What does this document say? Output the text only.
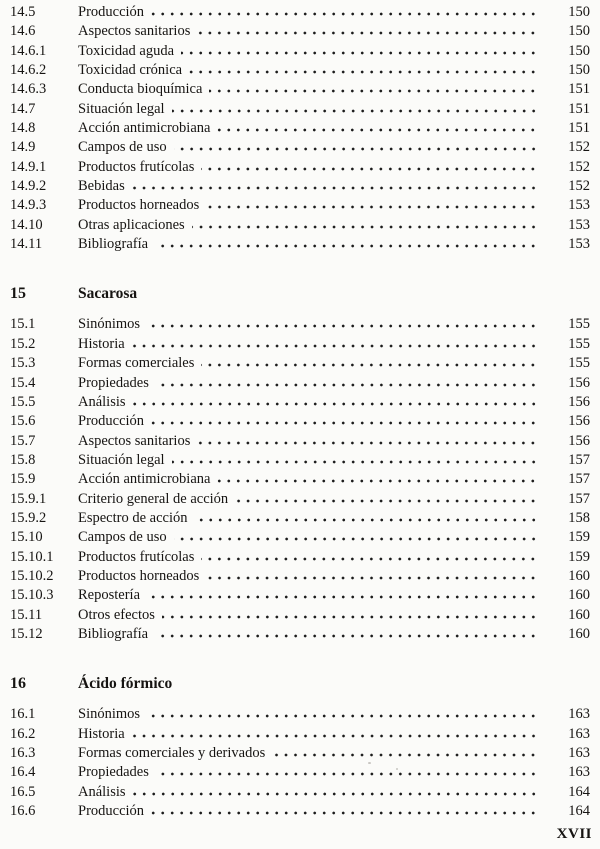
14.5	Producción	150
14.6	Aspectos sanitarios	150
14.6.1	Toxicidad aguda	150
14.6.2	Toxicidad crónica	150
14.6.3	Conducta bioquímica	151
14.7	Situación legal	151
14.8	Acción antimicrobiana	151
14.9	Campos de uso	152
14.9.1	Productos frutícolas	152
14.9.2	Bebidas	152
14.9.3	Productos horneados	153
14.10	Otras aplicaciones	153
14.11	Bibliografía	153
15	Sacarosa
15.1	Sinónimos	155
15.2	Historia	155
15.3	Formas comerciales	155
15.4	Propiedades	156
15.5	Análisis	156
15.6	Producción	156
15.7	Aspectos sanitarios	156
15.8	Situación legal	157
15.9	Acción antimicrobiana	157
15.9.1	Criterio general de acción	157
15.9.2	Espectro de acción	158
15.10	Campos de uso	159
15.10.1	Productos frutícolas	159
15.10.2	Productos horneados	160
15.10.3	Repostería	160
15.11	Otros efectos	160
15.12	Bibliografía	160
16	Ácido fórmico
16.1	Sinónimos	163
16.2	Historia	163
16.3	Formas comerciales y derivados	163
16.4	Propiedades	163
16.5	Análisis	164
16.6	Producción	164
XVII
